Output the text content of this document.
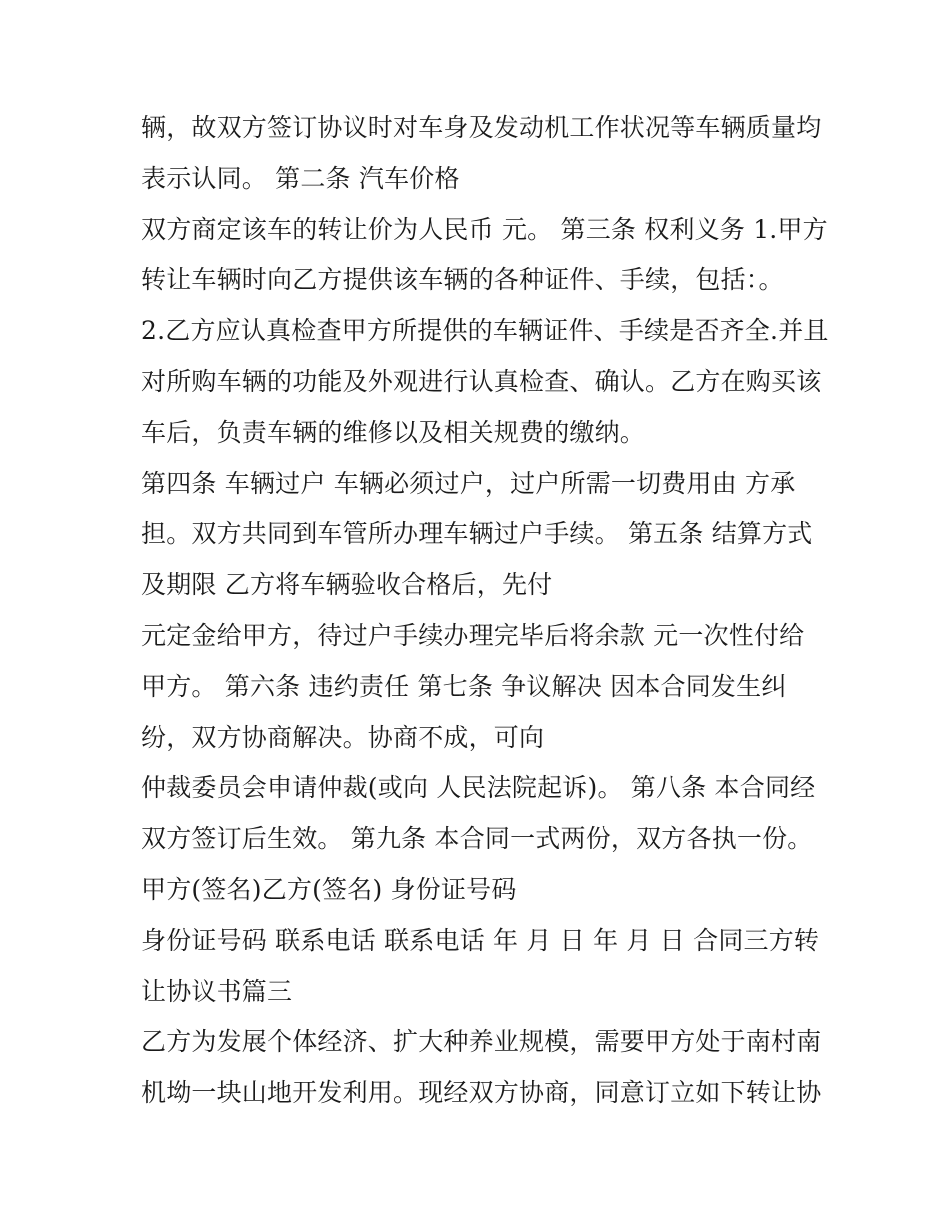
辆，故双方签订协议时对车身及发动机工作状况等车辆质量均
表示认同。 第二条 汽车价格
双方商定该车的转让价为人民币 元。 第三条 权利义务 1.甲方
转让车辆时向乙方提供该车辆的各种证件、手续，包括：。
2.乙方应认真检查甲方所提供的车辆证件、手续是否齐全.并且
对所购车辆的功能及外观进行认真检查、确认。乙方在购买该
车后，负责车辆的维修以及相关规费的缴纳。
第四条 车辆过户 车辆必须过户，过户所需一切费用由 方承
担。双方共同到车管所办理车辆过户手续。 第五条 结算方式
及期限 乙方将车辆验收合格后，先付
元定金给甲方，待过户手续办理完毕后将余款 元一次性付给
甲方。 第六条 违约责任 第七条 争议解决 因本合同发生纠
纷，双方协商解决。协商不成，可向
仲裁委员会申请仲裁(或向 人民法院起诉)。 第八条 本合同经
双方签订后生效。 第九条 本合同一式两份，双方各执一份。
甲方(签名)乙方(签名) 身份证号码
身份证号码 联系电话 联系电话 年 月 日 年 月 日 合同三方转
让协议书篇三
乙方为发展个体经济、扩大种养业规模，需要甲方处于南村南
机坳一块山地开发利用。现经双方协商，同意订立如下转让协
